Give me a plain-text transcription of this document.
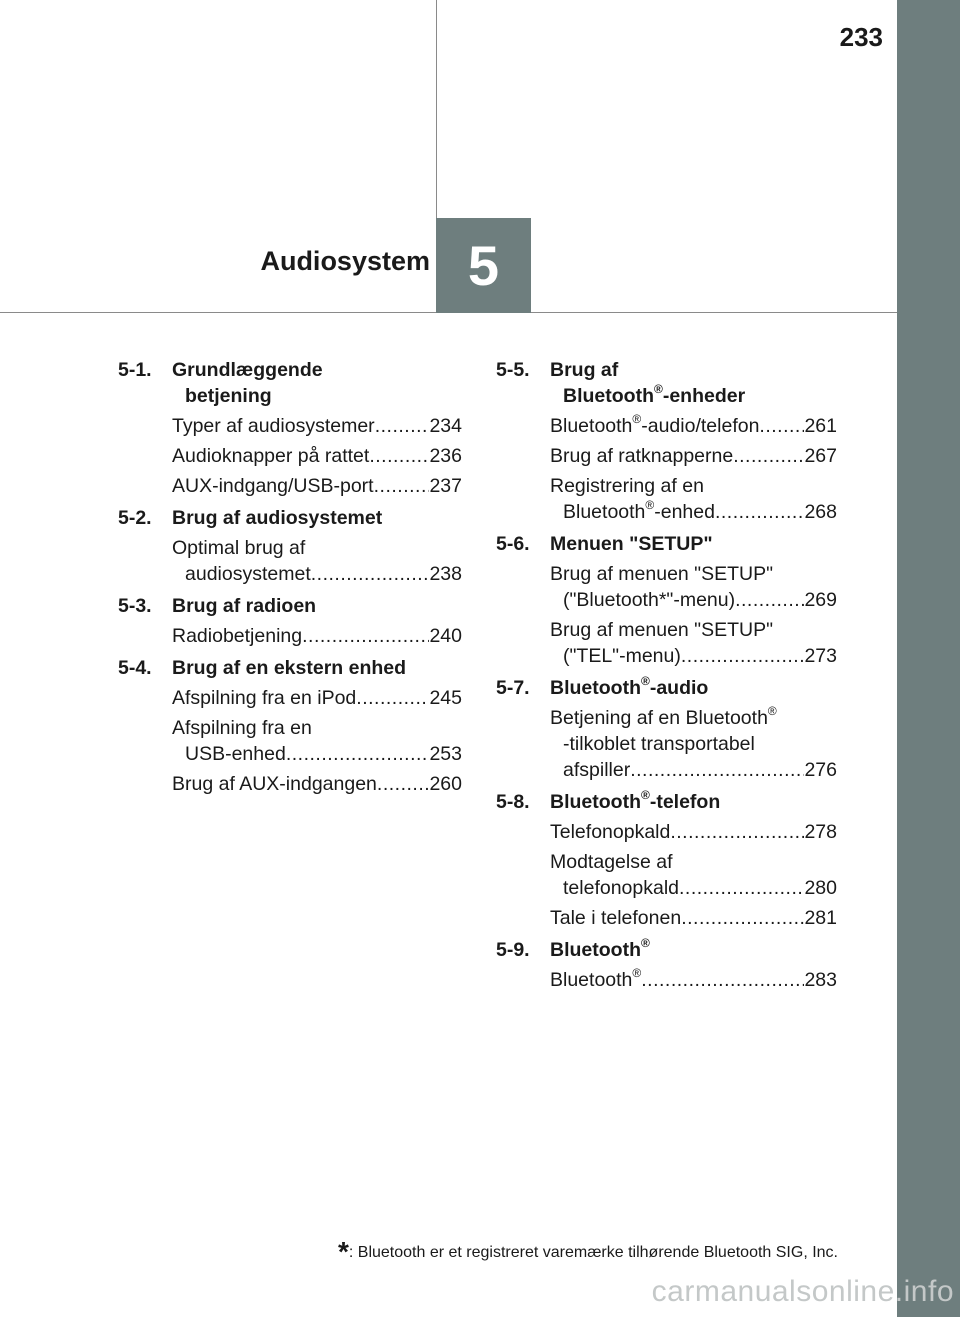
233
Audiosystem 5
5-1.	Grundlæggende
betjening
Typer af audiosystemer .....	234
Audioknapper på rattet .....	236
AUX-indgang/USB-port .....	237
5-2.	Brug af audiosystemet
Optimal brug af
audiosystemet .....	238
5-3.	Brug af radioen
Radiobetjening .....	240
5-4.	Brug af en ekstern enhed
Afspilning fra en iPod .....	245
Afspilning fra en
USB-enhed .....	253
Brug af AUX-indgangen .....	260
5-5.	Brug af
Bluetooth®-enheder
Bluetooth®-audio/telefon ..... 261
Brug af ratknapperne .....	267
Registrering af en
Bluetooth®-enhed .....	268
5-6.	Menuen "SETUP"
Brug af menuen "SETUP"
("Bluetooth*"-menu) .....	269
Brug af menuen "SETUP"
("TEL"-menu) .....	273
5-7.	Bluetooth®-audio
Betjening af en Bluetooth®
-tilkoblet transportabel
afspiller .....	276
5-8.	Bluetooth®-telefon
Telefonopkald .....	278
Modtagelse af
telefonopkald .....	280
Tale i telefonen .....	281
5-9.	Bluetooth®
Bluetooth® .....	283
*: Bluetooth er et registreret varemærke tilhørende Bluetooth SIG, Inc.
carmanualsonline.info
